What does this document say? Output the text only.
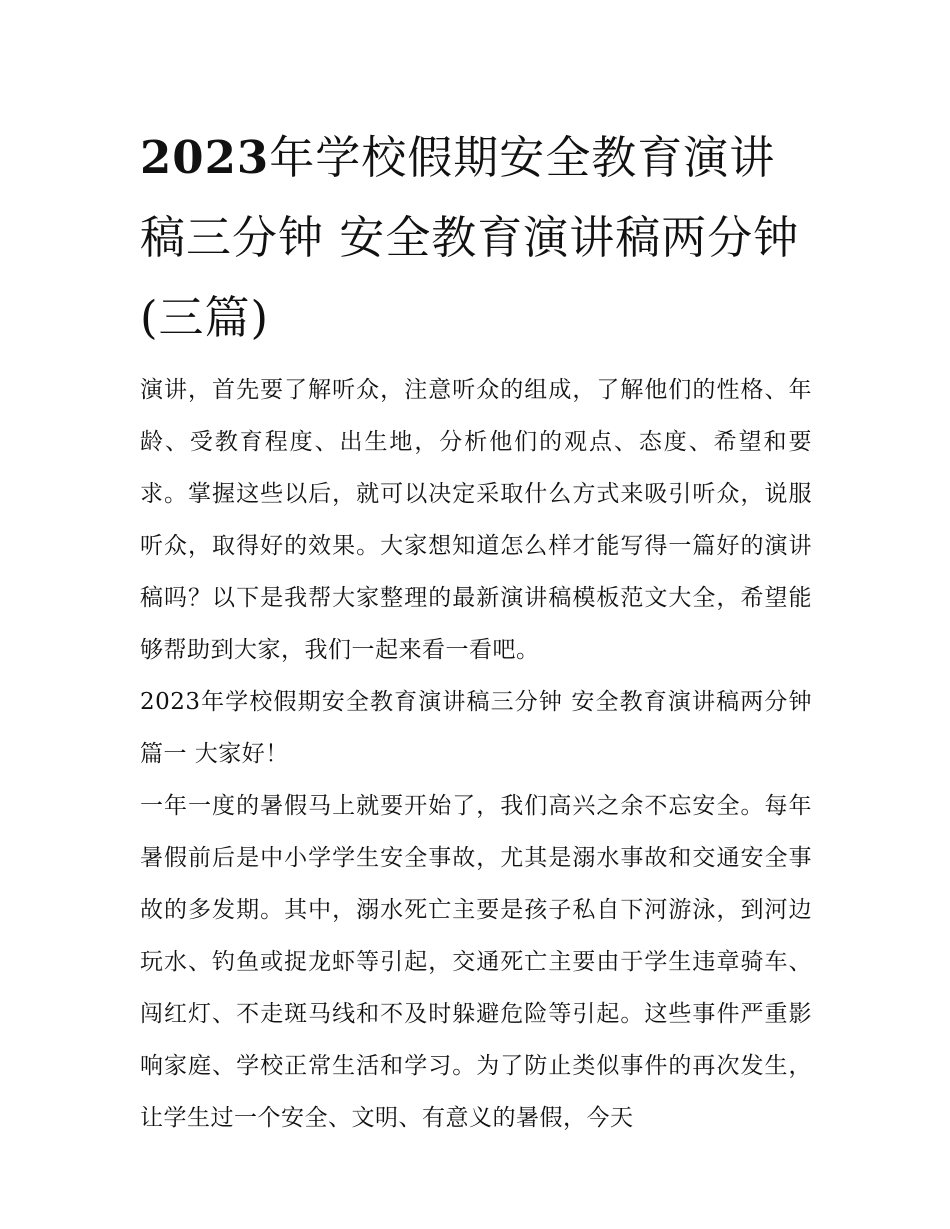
2023年学校假期安全教育演讲稿三分钟 安全教育演讲稿两分钟(三篇)

演讲，首先要了解听众，注意听众的组成，了解他们的性格、年龄、受教育程度、出生地，分析他们的观点、态度、希望和要求。掌握这些以后，就可以决定采取什么方式来吸引听众，说服听众，取得好的效果。大家想知道怎么样才能写得一篇好的演讲稿吗？以下是我帮大家整理的最新演讲稿模板范文大全，希望能够帮助到大家，我们一起来看一看吧。

2023年学校假期安全教育演讲稿三分钟 安全教育演讲稿两分钟篇一 大家好！

一年一度的暑假马上就要开始了，我们高兴之余不忘安全。每年暑假前后是中小学学生安全事故，尤其是溺水事故和交通安全事故的多发期。其中，溺水死亡主要是孩子私自下河游泳，到河边玩水、钓鱼或捉龙虾等引起，交通死亡主要由于学生违章骑车、闯红灯、不走斑马线和不及时躲避危险等引起。这些事件严重影响家庭、学校正常生活和学习。为了防止类似事件的再次发生，让学生过一个安全、文明、有意义的暑假，今天
